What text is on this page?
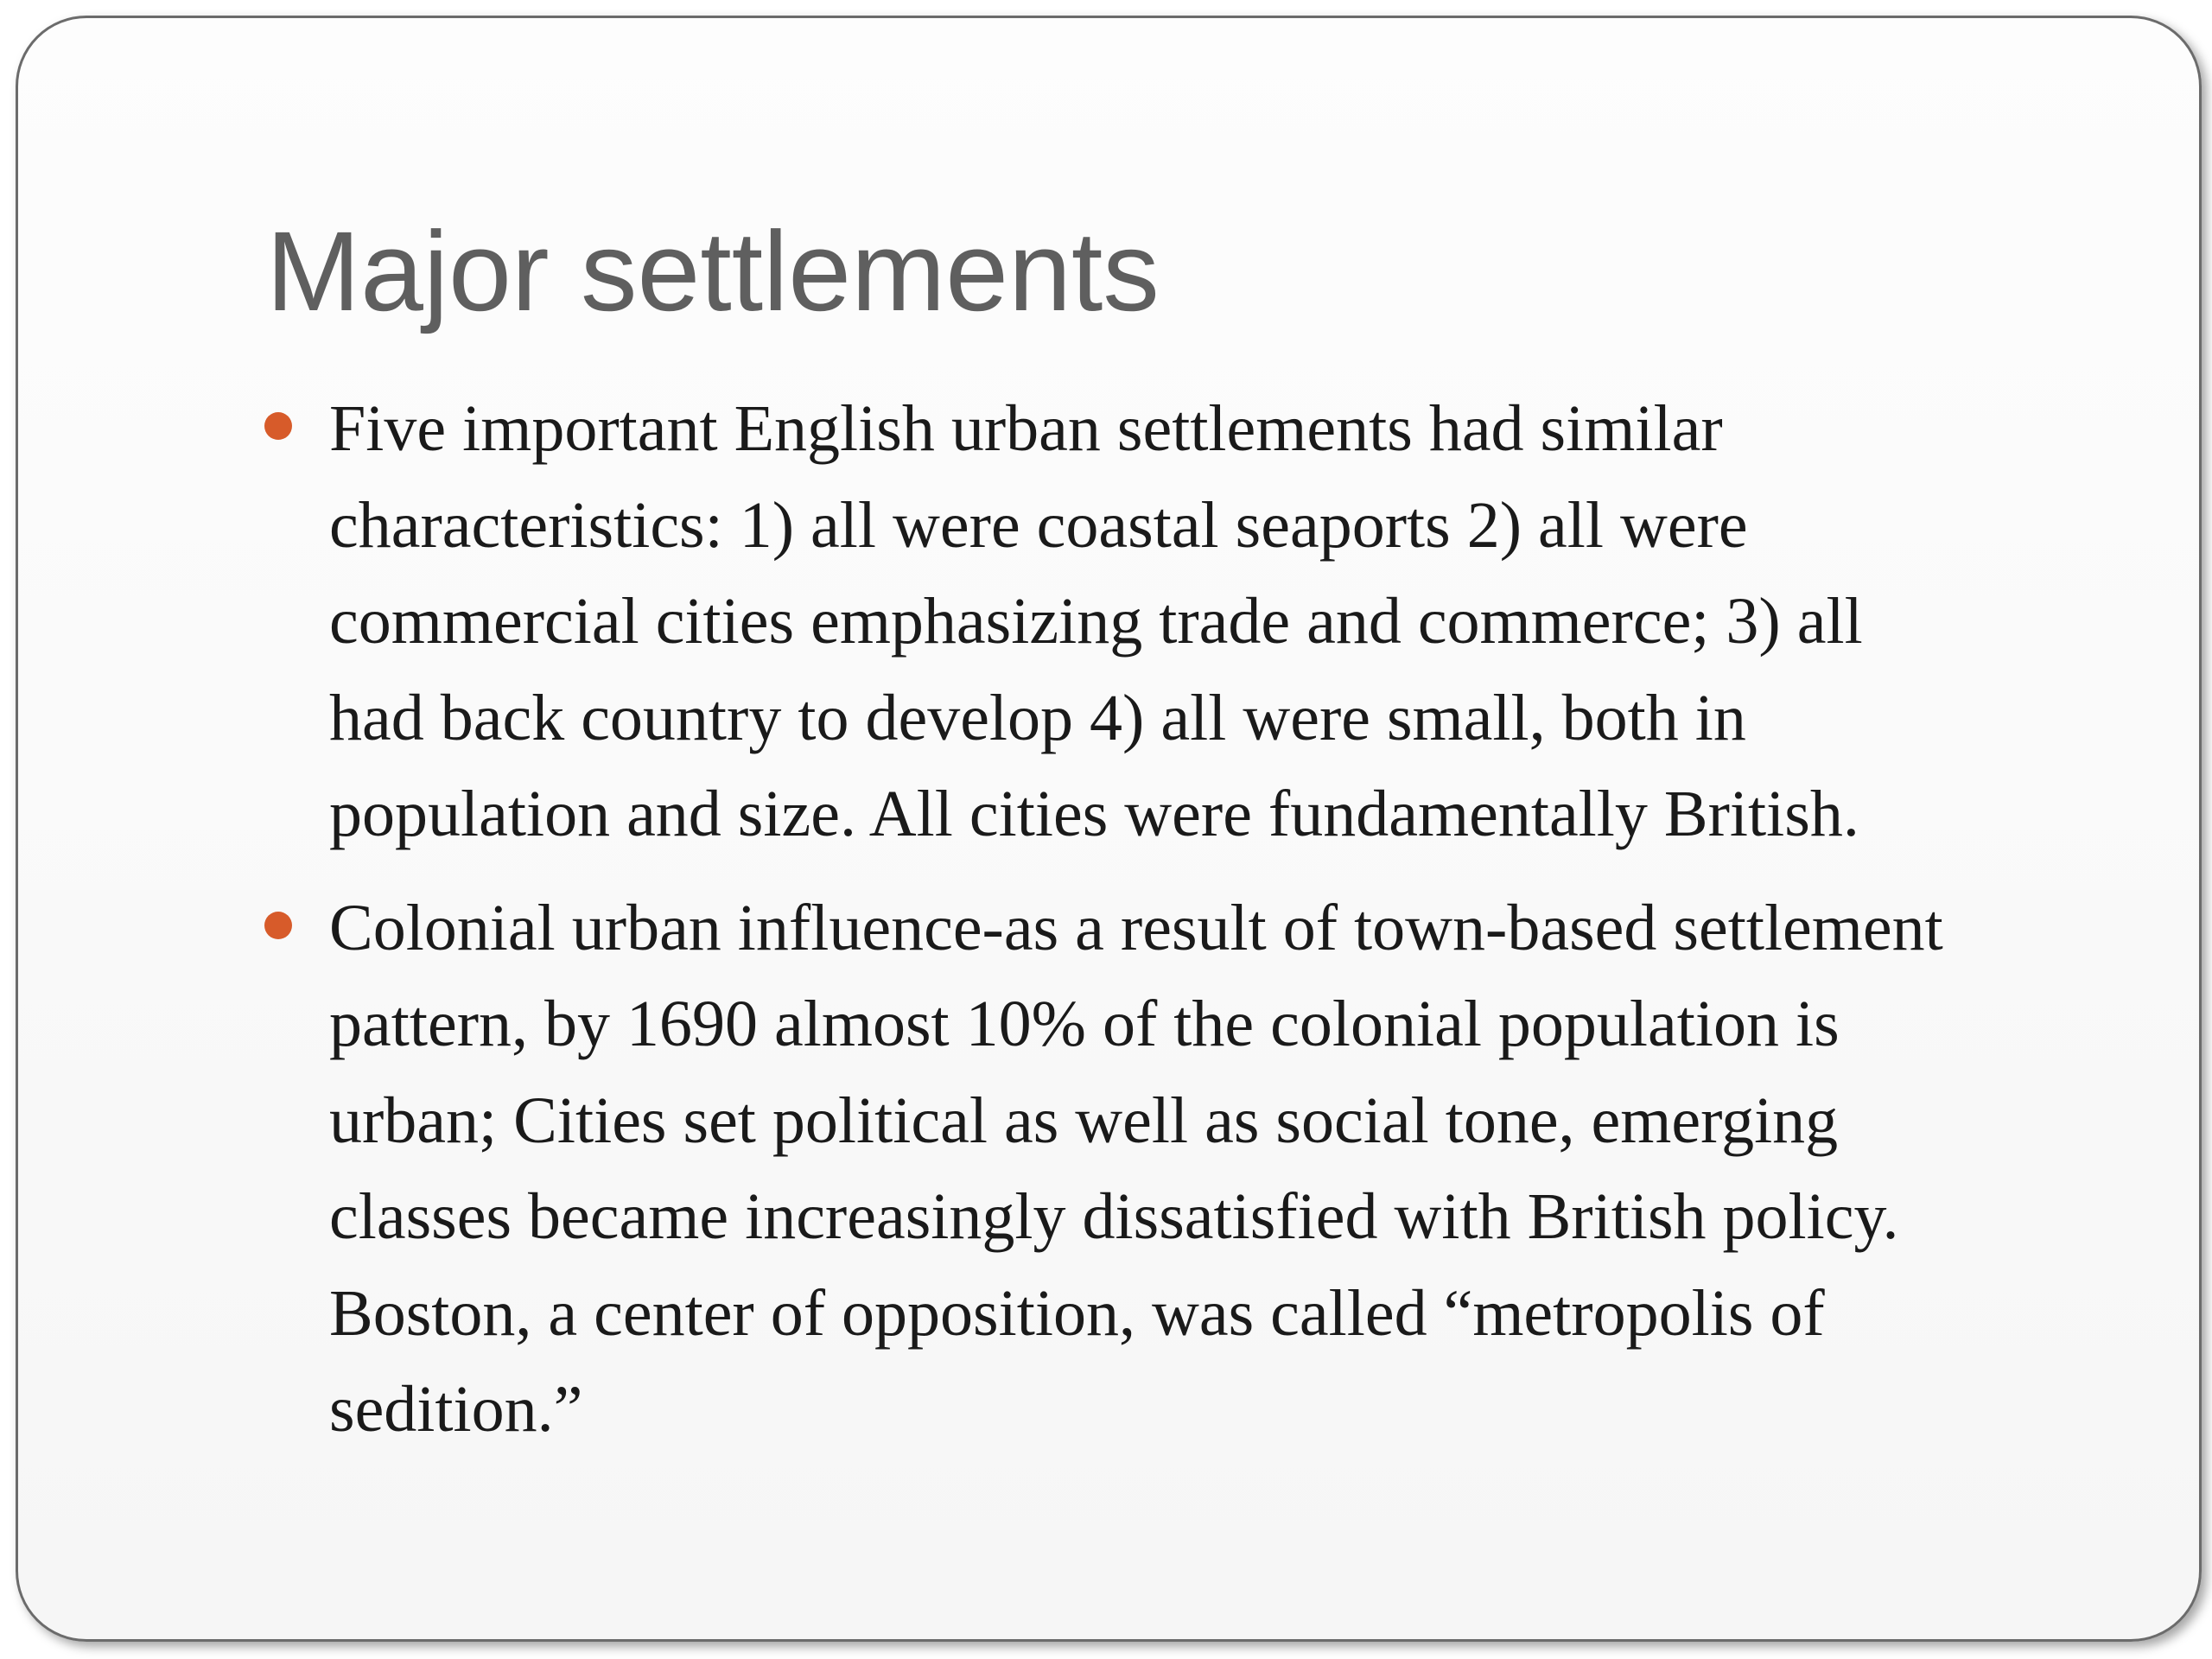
Major settlements
Five important English urban settlements had similar
characteristics: 1) all were coastal seaports 2) all were
commercial cities emphasizing trade and commerce; 3) all
had back country to develop 4) all were small, both in
population and size. All cities were fundamentally British.
Colonial urban influence-as a result of town-based settlement
pattern, by 1690 almost 10% of the colonial population is
urban; Cities set political as well as social tone, emerging
classes became increasingly dissatisfied with British policy.
Boston, a center of opposition, was called “metropolis of
sedition.”
